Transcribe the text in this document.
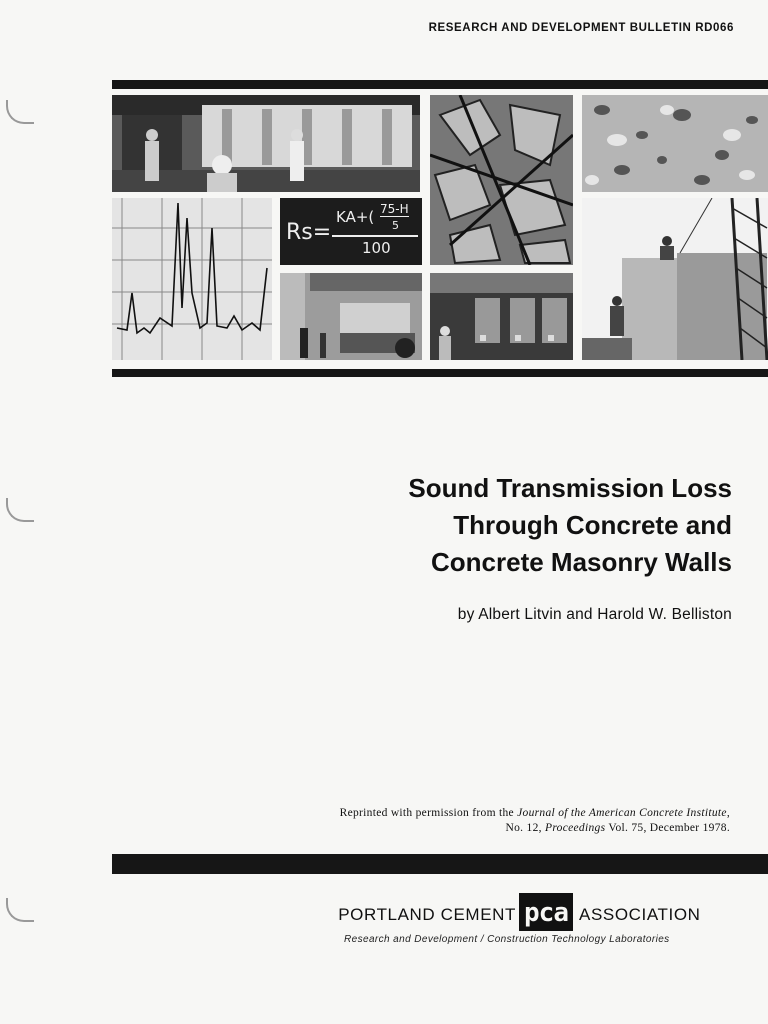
RESEARCH AND DEVELOPMENT BULLETIN RD066
Rs=
KA+( 75-H
5
100
Sound Transmission Loss
Through Concrete and
Concrete Masonry Walls
by Albert Litvin and Harold W. Belliston
Reprinted with permission from the Journal of the American Concrete Institute,
No. 12, Proceedings Vol. 75, December 1978.
PORTLAND CEMENT pca ASSOCIATION
Research and Development / Construction Technology Laboratories
